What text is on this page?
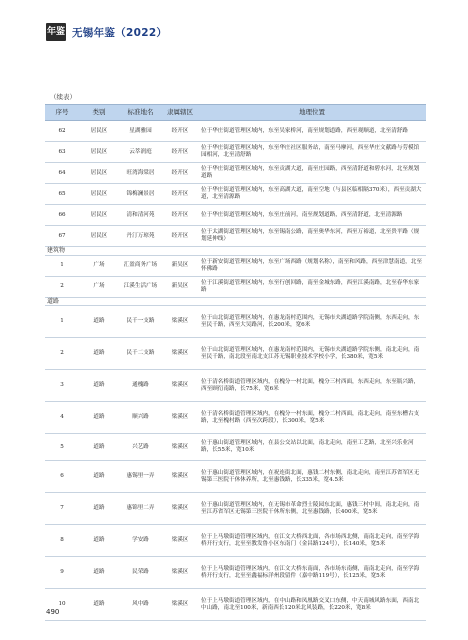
年鉴 无锡年鉴（2022）
（续表）
序号	类别	标准地名	隶属辖区	地理位置
62	居民区	星湖雅园	经开区	位于华庄街道管理区域内，东至吴家桥河，南至规划道路，西至观顺道，北至清舒路
63	居民区	云萃润庭	经开区	位于华庄街道管理区域内，东至华庄社区服务站，南至马摩河，西至华庄文献路与劳模馆园相河，北至清舒路
64	居民区	旺湾海棠居	经开区	位于华庄街道管理区域内，东至贡湖大道，南至庄园路，西至清舒道和碧水河，北至规划道路
65	居民区	锦梅澜景居	经开区	位于华庄街道管理区域内，东至高湖大道，南至空地（与县区临相隔370米），西至贡湖大道，北至清源路
66	居民区	清和清河苑	经开区	位于华庄街道管理区域内，东至庄前河，南至规划道路，西至清舒道，北至清源路
67	居民区	丹汀万琼苑	经开区	位于太湖街道管理区域内，东至锡南公路，南至奥华东河，西至万裕道，北至贵平路（规划延伸线）
建筑物				
1	广场	汇盈商务广场	新吴区	位于新安街道管理区域内，东至广场西路（规划名称），南至和风路，西至津慧南道，北至怀佛路
2	广场	江溪生活广场	新吴区	位于江溪街道管理区域内，东至行创回路，南至金城东路，西至江溪南路，北至春华东家路
道路				
1	道路	民千一支路	梁溪区	位于山北街道管理区域内，在惠龙南村范围内，无锡市夫湖道路学院南侧，东西走向，东至民千路，西至大吴路河，长200米，宽6米
2	道路	民千二支路	梁溪区	位于山北街道管理区域内，在惠龙南村范围内，无锡市夫湖道路学院东侧，南北走向，南至民千路，南北段至南北支江苏无锡职业技术学校小学，长380米，宽5米
3	道路	通槐路	梁溪区	位于清名桥街道管理区域内，在槐分一村北面，槐分三村西面，东西走向，东至瓶兴路，西至顾衍南路，长75米，宽6米
4	道路	顺兴路	梁溪区	位于清名桥街道管理区域内，在槐分一村东面，槐分二村西面，南北走向，南至东槽古支路，北至槐村路（西至次跨段），长300米，宽5米
5	道路	兴艺路	梁溪区	位于惠山街道管理区域内，在县公交站以北面，南北走向，南至工艺路，北至兴乐业河路，长55米，宽10米
6	道路	惠锡里一弄	梁溪区	位于惠山街道管理区域内，在祝连街北面，惠钱二村东侧，南北走向，南至江苏省军区无锡第三医院干休休养所，北至惠钱路，长335米，宽4.5米
7	道路	惠锦里二弄	梁溪区	位于惠山街道管理区域内，在无锡市革命烈士陵园东北面，惠钱三村中间，南北走向，南至江苏省军区无锡第三医院干休所东侧，北至惠钱路，长400米，宽5米
8	道路	学安路	梁溪区	位于上马墩街道管理区域内，在江文大桥西北面，各市场西北侧，南南北走向，南至学海桥开行支行，北至至教发鲁小区东南门（金昌路124号），长140米，宽5米
9	道路	民荣路	梁溪区	位于上马墩街道管理区域内，在江文大桥东南面，各市场东南侧，南南北走向，南至学海桥开行支行，北至至鑫福标洋州段留件（嘉中路119号），长125米，宽5米
10	道路	风中路	梁溪区	位于上马墩街道管理区域内，在中山路和凤凰路交叉口东侧，中天南城风路东面，西南北中山路，南北至100米，新南西长120米北风装路，长220米，宽8米
490
